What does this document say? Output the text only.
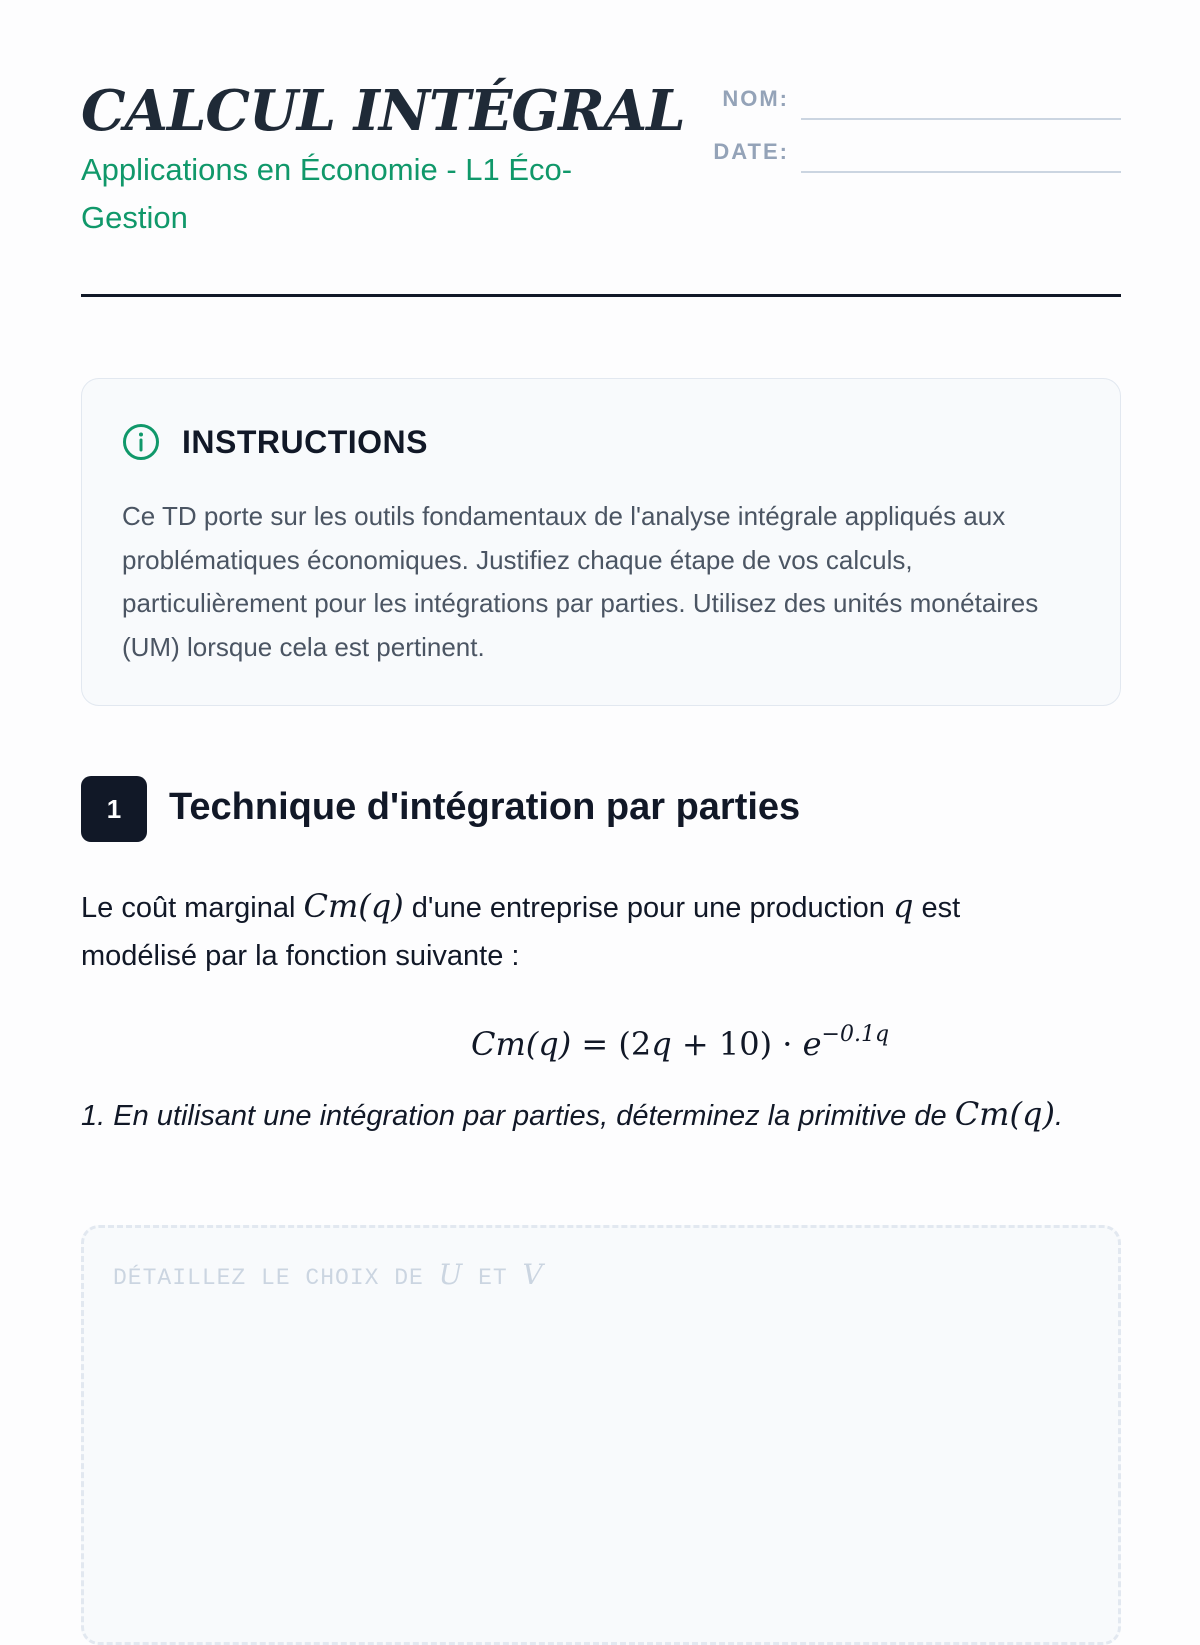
CALCUL INTÉGRAL

Applications en Économie - L1 Éco-Gestion

NOM:
DATE:
INSTRUCTIONS

Ce TD porte sur les outils fondamentaux de l'analyse intégrale appliqués aux problématiques économiques. Justifiez chaque étape de vos calculs, particulièrement pour les intégrations par parties. Utilisez des unités monétaires (UM) lorsque cela est pertinent.

1	Technique d'intégration par parties

Le coût marginal Cm(q) d'une entreprise pour une production q est modélisé par la fonction suivante :

$Cm(q) = (2q + 10) \cdot e^{-0.1q}$

1. En utilisant une intégration par parties, déterminez la primitive de Cm(q).

DÉTAILLEZ LE CHOIX DE U ET V
